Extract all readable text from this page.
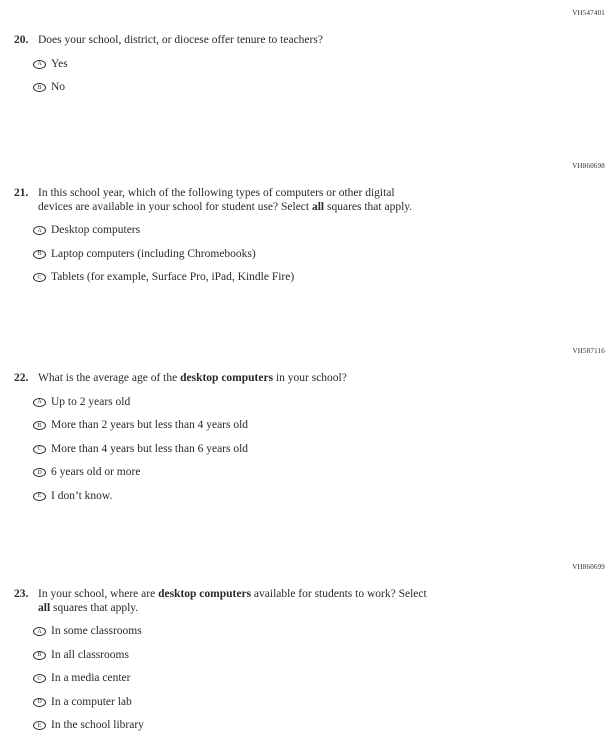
VH547401
20. Does your school, district, or diocese offer tenure to teachers?
A Yes
B No
VH860698
21. In this school year, which of the following types of computers or other digital
devices are available in your school for student use? Select all squares that apply.
A Desktop computers
B Laptop computers (including Chromebooks)
C Tablets (for example, Surface Pro, iPad, Kindle Fire)
VH587116
22. What is the average age of the desktop computers in your school?
A Up to 2 years old
B More than 2 years but less than 4 years old
C More than 4 years but less than 6 years old
D 6 years old or more
E I don’t know.
VH860699
23. In your school, where are desktop computers available for students to work? Select
all squares that apply.
A In some classrooms
B In all classrooms
C In a media center
D In a computer lab
E In the school library
